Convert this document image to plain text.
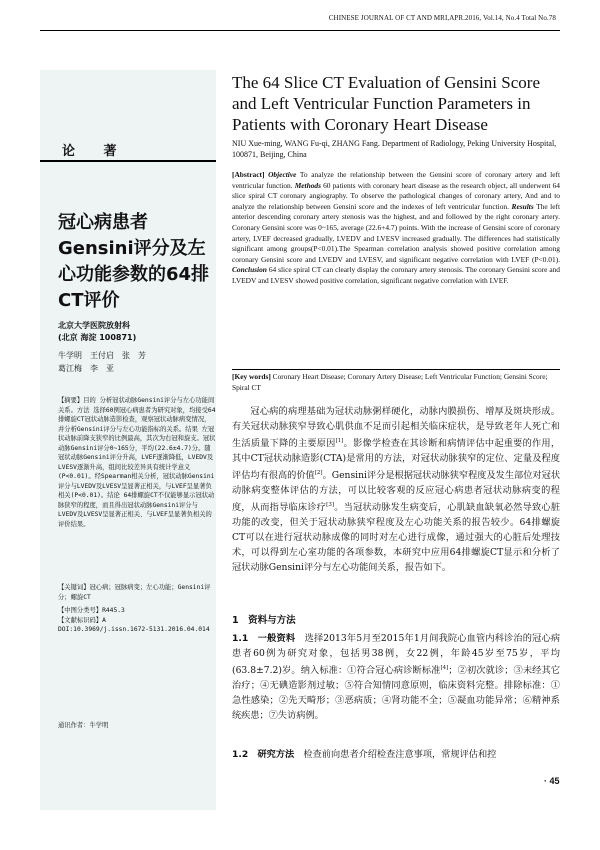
CHINESE JOURNAL OF CT AND MRI,APR.2016, Vol.14, No.4 Total No.78
论 著
冠心病患者Gensini评分及左心功能参数的64排CT评价
北京大学医院放射科
(北京 海淀 100871)
牛学明　王付启　张　芳
葛江梅　李　亚
【摘要】目的 分析冠状动脉Gensini评分与左心功能间关系。方法 选择60例冠心病患者为研究对象，均接受64排螺旋CT冠状动脉造影检查，观察冠状动脉病变情况，并分析Gensini评分与左心功能指标的关系。结果 左冠状动脉前降支狭窄的比例最高，其次为右冠和旋支。冠状动脉Gensini评分0~165分，平均(22.6±4.7)分。随冠状动脉Gensini评分升高，LVEF逐渐降低，LVEDV及LVESV逐渐升高，组间比较差异具有统计学意义(P<0.01)。经Spearman相关分析，冠状动脉Gensini评分与LVEDV及LVESV呈显著正相关，与LVEF呈显著负相关(P<0.01)。结论 64排螺旋CT不仅能够显示冠状动脉狭窄的程度，而且得出冠状动脉Gensini评分与LVEDV及LVESV呈显著正相关、与LVEF呈显著负相关的评价结果。
【关键词】冠心病；冠脉病变；左心功能；Gensini评分；螺旋CT
【中图分类号】R445.3
【文献标识码】A
DOI:10.3969/j.issn.1672-5131.2016.04.014
通讯作者：牛学明
The 64 Slice CT Evaluation of Gensini Score and Left Ventricular Function Parameters in Patients with Coronary Heart Disease
NIU Xue-ming, WANG Fu-qi, ZHANG Fang. Department of Radiology, Peking University Hospital, 100871, Beijing, China
[Abstract] Objective To analyze the relationship between the Gensini score of coronary artery and left ventricular function. Methods 60 patients with coronary heart disease as the research object, all underwent 64 slice spiral CT coronary angiography. To observe the pathological changes of coronary artery, And and to analyze the relationship between Gensini score and the indexes of left ventricular function. Results The left anterior descending coronary artery stenosis was the highest, and and followed by the right coronary artery. Coronary Gensini score was 0~165, average (22.6+4.7) points. With the increase of Gensini score of coronary artery, LVEF decreased gradually, LVEDV and LVESV increased gradually. The differences had statistically significant among groups(P<0.01).The Spearman correlation analysis showed positive correlation among coronary Gensini score and LVEDV and LVESV, and significant negative correlation with LVEF (P<0.01). Conclusion 64 slice spiral CT can clearly display the coronary artery stenosis. The coronary Gensini score and LVEDV and LVESV showed positive correlation, significant negative correlation with LVEF.
[Key words] Coronary Heart Disease; Coronary Artery Disease; Left Ventricular Function; Gensini Score; Spiral CT
冠心病的病理基础为冠状动脉粥样硬化，动脉内膜损伤、增厚及斑块形成。有关冠状动脉狭窄导致心肌供血不足而引起相关临床症状，是导致老年人死亡和生活质量下降的主要原因[1]。影像学检查在其诊断和病情评估中起重要的作用，其中CT冠状动脉造影(CTA)是常用的方法，对冠状动脉狭窄的定位、定量及程度评估均有很高的价值[2]。Gensini评分是根据冠状动脉狭窄程度及发生部位对冠状动脉病变整体评估的方法，可以比较客观的反应冠心病患者冠状动脉病变的程度，从而指导临床诊疗[3]。当冠状动脉发生病变后，心肌缺血缺氧必然导致心脏功能的改变，但关于冠状动脉狭窄程度及左心功能关系的报告较少。64排螺旋CT可以在进行冠状动脉成像的同时对左心进行成像，通过强大的心脏后处理技术，可以得到左心室功能的各项参数，本研究中应用64排螺旋CT显示和分析了冠状动脉Gensini评分与左心功能间关系，报告如下。
1　资料与方法
1.1　一般资料　选择2013年5月至2015年1月间我院心血管内科诊治的冠心病患者60例为研究对象，包括男38例，女22例，年龄45岁至75岁，平均(63.8±7.2)岁。纳入标准：①符合冠心病诊断标准[4]；②初次就诊；③未经其它治疗；④无碘造影剂过敏；⑤符合知情同意原则，临床资料完整。排除标准：①急性感染；②先天畸形；③恶病质；④肾功能不全；⑤凝血功能异常；⑥精神系统疾患；⑦失访病例。
1.2　研究方法　检查前向患者介绍检查注意事项，常规评估和控
· 45
